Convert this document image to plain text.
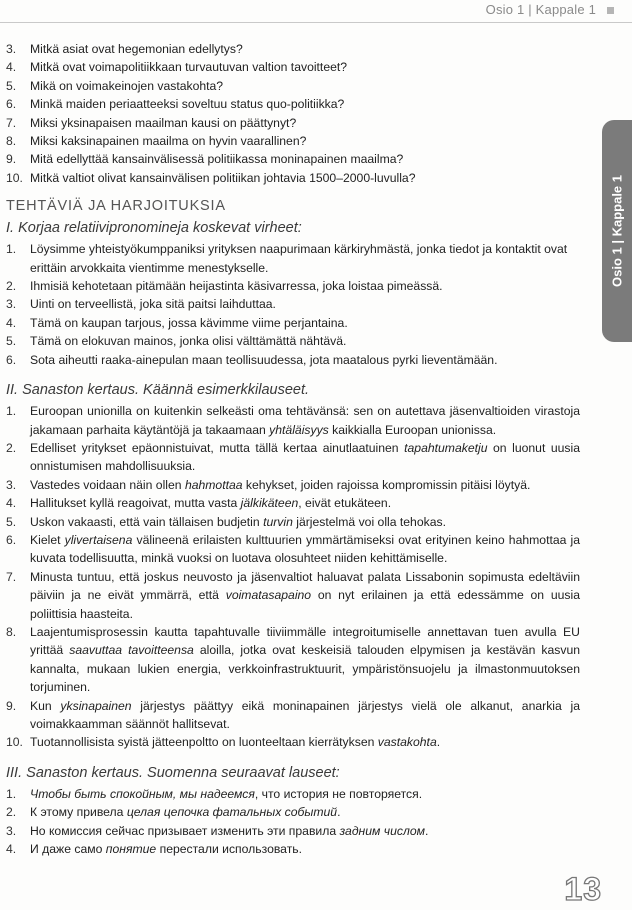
Osio 1 | Kappale 1
Osio 1 | Kappale 1
3. Mitkä asiat ovat hegemonian edellytys?
4. Mitkä ovat voimapolitiikkaan turvautuvan valtion tavoitteet?
5. Mikä on voimakeinojen vastakohta?
6. Minkä maiden periaatteeksi soveltuu status quo-politiikka?
7. Miksi yksinapaisen maailman kausi on päättynyt?
8. Miksi kaksinapainen maailma on hyvin vaarallinen?
9. Mitä edellyttää kansainvälisessä politiikassa moninapainen maailma?
10. Mitkä valtiot olivat kansainvälisen politiikan johtavia 1500–2000-luvulla?
TEHTÄVIÄ JA HARJOITUKSIA
I. Korjaa relatiivipronomineja koskevat virheet:
1. Löysimme yhteistyökumppaniksi yrityksen naapurimaan kärkiryhmästä, jonka tiedot ja kontaktit ovat erittäin arvokkaita vientimme menestykselle.
2. Ihmisiä kehotetaan pitämään heijastinta käsivarressa, joka loistaa pimeässä.
3. Uinti on terveellistä, joka sitä paitsi laihduttaa.
4. Tämä on kaupan tarjous, jossa kävimme viime perjantaina.
5. Tämä on elokuvan mainos, jonka olisi välttämättä nähtävä.
6. Sota aiheutti raaka-ainepulan maan teollisuudessa, jota maatalous pyrki lieventämään.
II. Sanaston kertaus. Käännä esimerkkilauseet.
1. Euroopan unionilla on kuitenkin selkeästi oma tehtävänsä: sen on autettava jäsenvaltioiden virastoja jakamaan parhaita käytäntöjä ja takaamaan yhtäläisyys kaikkialla Euroopan unionissa.
2. Edelliset yritykset epäonnistuivat, mutta tällä kertaa ainutlaatuinen tapahtumaketju on luonut uusia onnistumisen mahdollisuuksia.
3. Vastedes voidaan näin ollen hahmottaa kehykset, joiden rajoissa kompromissin pitäisi löytyä.
4. Hallitukset kyllä reagoivat, mutta vasta jälkikäteen, eivät etukäteen.
5. Uskon vakaasti, että vain tällaisen budjetin turvin järjestelmä voi olla tehokas.
6. Kielet ylivertaisena välineenä erilaisten kulttuurien ymmärtämiseksi ovat erityinen keino hahmottaa ja kuvata todellisuutta, minkä vuoksi on luotava olosuhteet niiden kehittämiselle.
7. Minusta tuntuu, että joskus neuvosto ja jäsenvaltiot haluavat palata Lissabonin sopimusta edeltäviin päiviin ja ne eivät ymmärrä, että voimatasapaino on nyt erilainen ja että edessämme on uusia poliittisia haasteita.
8. Laajentumisprosessin kautta tapahtuvalle tiiviimmälle integroitumiselle annettavan tuen avulla EU yrittää saavuttaa tavoitteensa aloilla, jotka ovat keskeisiä talouden elpymisen ja kestävän kasvun kannalta, mukaan lukien energia, verkkoinfrastruktuurit, ympäristönsuojelu ja ilmastonmuutoksen torjuminen.
9. Kun yksinapainen järjestys päättyy eikä moninapainen järjestys vielä ole alkanut, anarkia ja voimakkaamman säännöt hallitsevat.
10. Tuotannollisista syistä jätteenpoltto on luonteeltaan kierrätyksen vastakohta.
III. Sanaston kertaus. Suomenna seuraavat lauseet:
1. Чтобы быть спокойным, мы надеемся, что история не повторяется.
2. К этому привела целая цепочка фатальных событий.
3. Но комиссия сейчас призывает изменить эти правила задним числом.
4. И даже само понятие перестали использовать.
13
